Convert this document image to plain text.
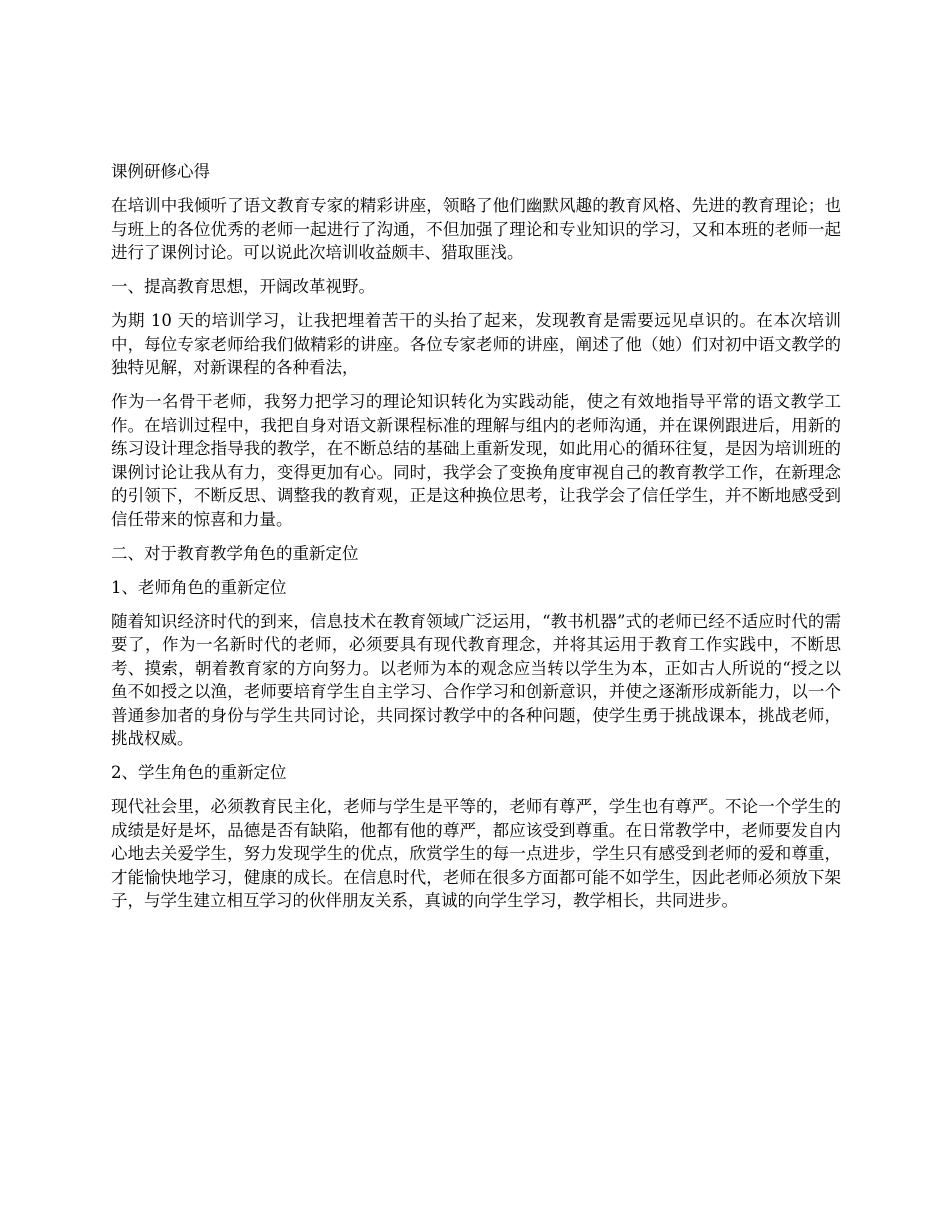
课例研修心得

在培训中我倾听了语文教育专家的精彩讲座，领略了他们幽默风趣的教育风格、先进的教育理论；也与班上的各位优秀的老师一起进行了沟通，不但加强了理论和专业知识的学习，又和本班的老师一起进行了课例讨论。可以说此次培训收益颇丰、猎取匪浅。

一、提高教育思想，开阔改革视野。

为期 10 天的培训学习，让我把埋着苦干的头抬了起来，发现教育是需要远见卓识的。在本次培训中，每位专家老师给我们做精彩的讲座。各位专家老师的讲座，阐述了他（她）们对初中语文教学的独特见解，对新课程的各种看法，

作为一名骨干老师，我努力把学习的理论知识转化为实践动能，使之有效地指导平常的语文教学工作。在培训过程中，我把自身对语文新课程标准的理解与组内的老师沟通，并在课例跟进后，用新的练习设计理念指导我的教学，在不断总结的基础上重新发现，如此用心的循环往复，是因为培训班的课例讨论让我从有力，变得更加有心。同时，我学会了变换角度审视自己的教育教学工作，在新理念的引领下，不断反思、调整我的教育观，正是这种换位思考，让我学会了信任学生，并不断地感受到信任带来的惊喜和力量。

二、对于教育教学角色的重新定位

1、老师角色的重新定位

随着知识经济时代的到来，信息技术在教育领域广泛运用，“教书机器”式的老师已经不适应时代的需要了，作为一名新时代的老师，必须要具有现代教育理念，并将其运用于教育工作实践中，不断思考、摸索，朝着教育家的方向努力。以老师为本的观念应当转以学生为本，正如古人所说的“授之以鱼不如授之以渔，老师要培育学生自主学习、合作学习和创新意识，并使之逐渐形成新能力，以一个普通参加者的身份与学生共同讨论，共同探讨教学中的各种问题，使学生勇于挑战课本，挑战老师，挑战权威。

2、学生角色的重新定位

现代社会里，必须教育民主化，老师与学生是平等的，老师有尊严，学生也有尊严。不论一个学生的成绩是好是坏，品德是否有缺陷，他都有他的尊严，都应该受到尊重。在日常教学中，老师要发自内心地去关爱学生，努力发现学生的优点，欣赏学生的每一点进步，学生只有感受到老师的爱和尊重，才能愉快地学习，健康的成长。在信息时代，老师在很多方面都可能不如学生，因此老师必须放下架子，与学生建立相互学习的伙伴朋友关系，真诚的向学生学习，教学相长，共同进步。
